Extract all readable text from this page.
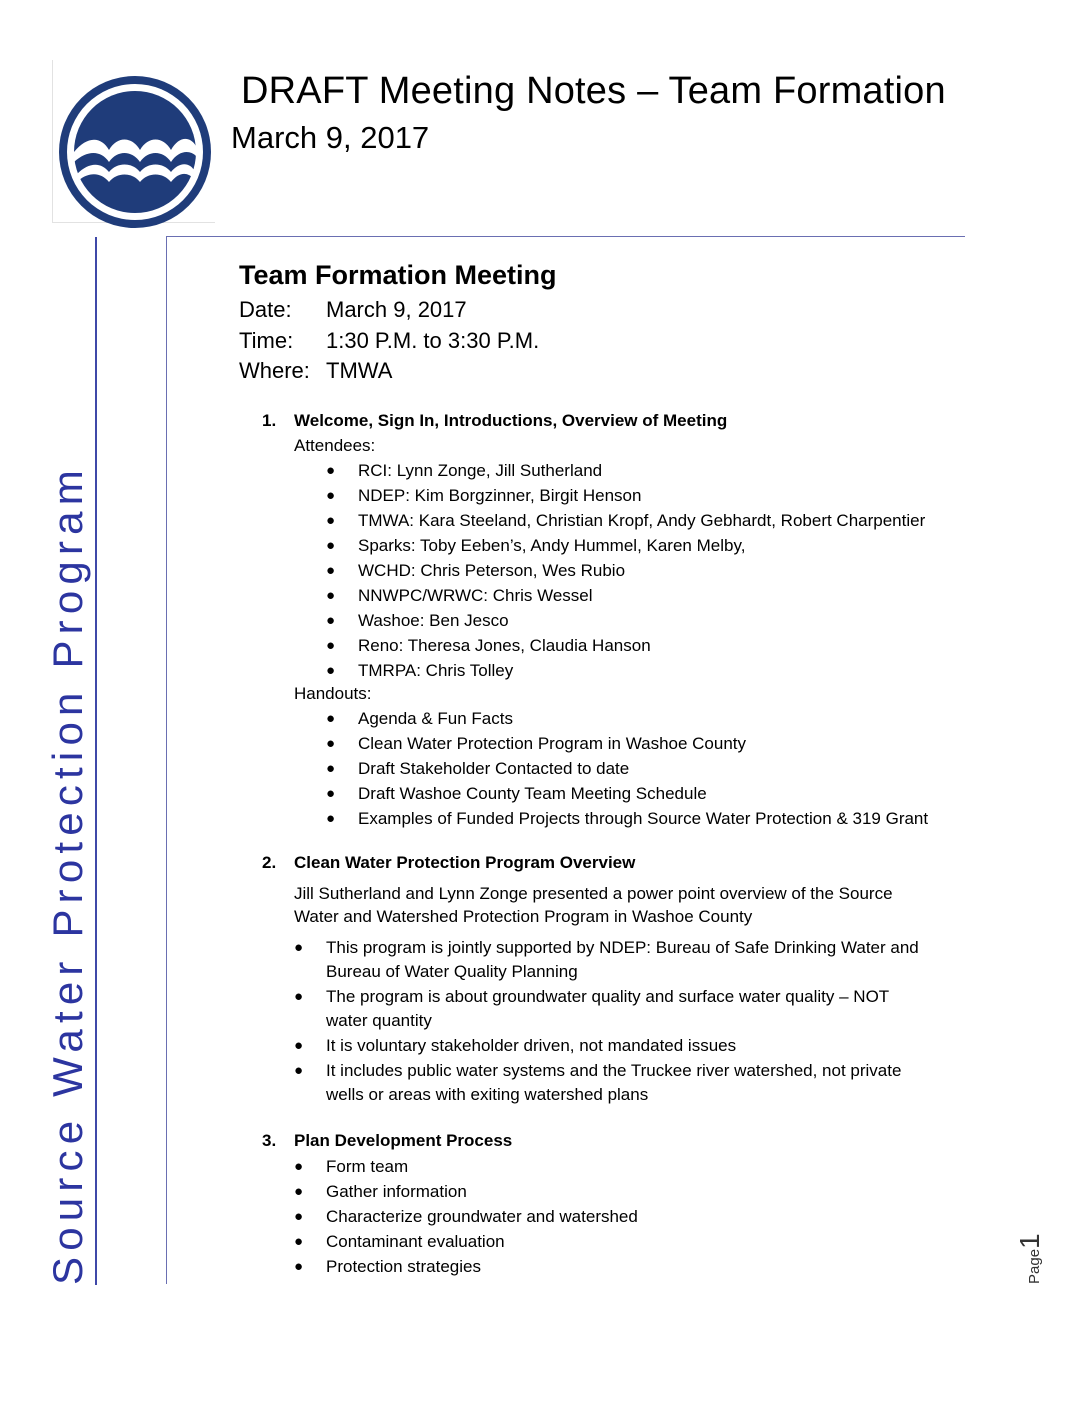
DRAFT Meeting Notes – Team Formation
March 9, 2017
Source Water Protection Program
Team Formation Meeting
Date: March 9, 2017
Time: 1:30 P.M. to 3:30 P.M.
Where: TMWA
1. Welcome, Sign In, Introductions, Overview of Meeting
Attendees:
● RCI: Lynn Zonge, Jill Sutherland
● NDEP: Kim Borgzinner, Birgit Henson
● TMWA: Kara Steeland, Christian Kropf, Andy Gebhardt, Robert Charpentier
● Sparks: Toby Eeben’s, Andy Hummel, Karen Melby,
● WCHD: Chris Peterson, Wes Rubio
● NNWPC/WRWC: Chris Wessel
● Washoe: Ben Jesco
● Reno: Theresa Jones, Claudia Hanson
● TMRPA: Chris Tolley
Handouts:
● Agenda & Fun Facts
● Clean Water Protection Program in Washoe County
● Draft Stakeholder Contacted to date
● Draft Washoe County Team Meeting Schedule
● Examples of Funded Projects through Source Water Protection & 319 Grant
2. Clean Water Protection Program Overview
Jill Sutherland and Lynn Zonge presented a power point overview of the Source
Water and Watershed Protection Program in Washoe County
● This program is jointly supported by NDEP: Bureau of Safe Drinking Water and
Bureau of Water Quality Planning
● The program is about groundwater quality and surface water quality – NOT
water quantity
● It is voluntary stakeholder driven, not mandated issues
● It includes public water systems and the Truckee river watershed, not private
wells or areas with exiting watershed plans
3. Plan Development Process
● Form team
● Gather information
● Characterize groundwater and watershed
● Contaminant evaluation
● Protection strategies	Page1
